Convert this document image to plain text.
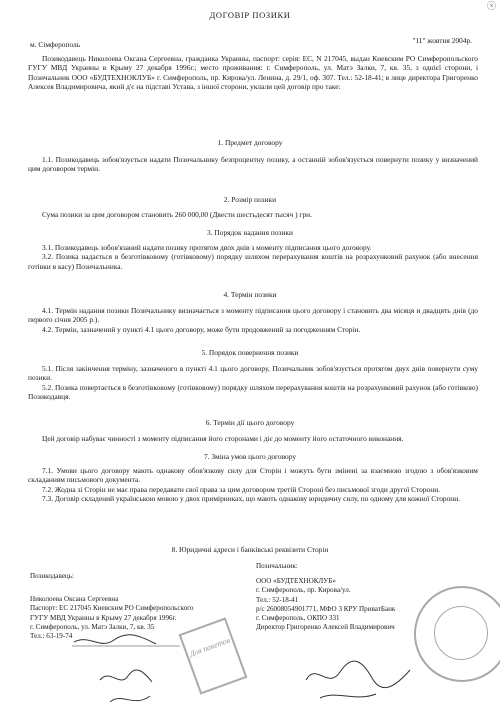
ⓢ
ДОГОВІР ПОЗИКИ
м. Сімферополь	"11" жовтня 2004р.

Позикодавець Николоева Оксана Сергеевна, гражданка Украины, паспорт: серія: ЕС, N 217045, выдан Киевским РО Симферопольского ГУГУ МВД Украины в Крыму 27 декабря 1996г.; место проживания: г. Симферополь, ул. Матэ Залки, 7, кв. 35, з однієї сторони, і Позичальник ООО «БУДТЕХНОКЛУБ» г. Симферополь, пр. Кирова/ул. Ленина, д. 29/1, оф. 307. Тел.: 52-18-41; в лице директора Григоренко Алексея Владимировича, який д'є на підставі Устава, з іншої сторони, уклали цей договір про таке:

1. Предмет договору

1.1. Позикодавець зобов'язується надати Позичальнику безпроцентну позику, а останній зобов'язується повернути позику у визначений цим договором термін.

2. Розмір позики

Сума позики за цим договором становить 260 000,00 (Двести шестьдесят тысяч ) грн.

3. Порядок надання позики

3.1. Позикодавець зобов'язаний надати позику протягом двох днів з моменту підписання цього договору.

3.2. Позика надається в безготівковому (готівковому) порядку шляхом перерахування коштів на розрахунковий рахунок (або внесення готівки в касу) Позичальника.

4. Термін позики

4.1. Термін надання позики Позичальнику визначається з моменту підписання цього договору і становить два місяця и двадцять днів (до первого січня 2005 р.).

4.2. Термін, зазначений у пункті 4.1 цього договору, може бути продовжений за погодженням Сторін.

5. Порядок повернення позики

5.1. Після закінчення терміну, зазначеного в пункті 4.1 цього договору, Позичальник зобов'язується протягом двух днів повернути суму позики.

5.2. Позика повертається в безготівковому (готівковому) порядку шляхом перерахування коштів на розрахунковий рахунок (або готівкою) Позикодавця.

6. Термін дії цього договору

Цей договір набуває чинності з моменту підписання його сторонами і діє до моменту його остаточного виконання.

7. Зміна умов цього договору

7.1. Умови цього договору мають однакову обов'язкову силу для Сторін і можуть бути змінені за взаємною згодою з обов'язковим складанням письмового документа.

7.2. Жодна зі Сторін не має права передавати свої права за цим договором третій Стороні без письмової згоди другої Сторони.

7.3. Договір складений українською мовою у двох примірниках, що мають однакову юридичну силу, по одному для кожної Сторони.

8. Юридичні адреси і банківські реквізити Сторін
Позикодавець:
Николоева Оксана Сергеевна
Паспорт: ЕС 217045 Киевским РО Симферопольского
ГУГУ МВД Украины в Крыму 27 декабря 1996г.
г. Симферополь, ул. Матэ Залки, 7, кв. 35
Тел.: 63-19-74
Позичальник:
ООО «БУДТЕХНОКЛУБ»
г. Симферополь, пр. Кирова/ул.
Тел.: 52-18-41
р/с 26008054901771, МФО 3 КРУ ПриватБанк
г. Симферополь, ОКПО 331
Директор Григоренко Алексей Владимирович
Для пакетов
